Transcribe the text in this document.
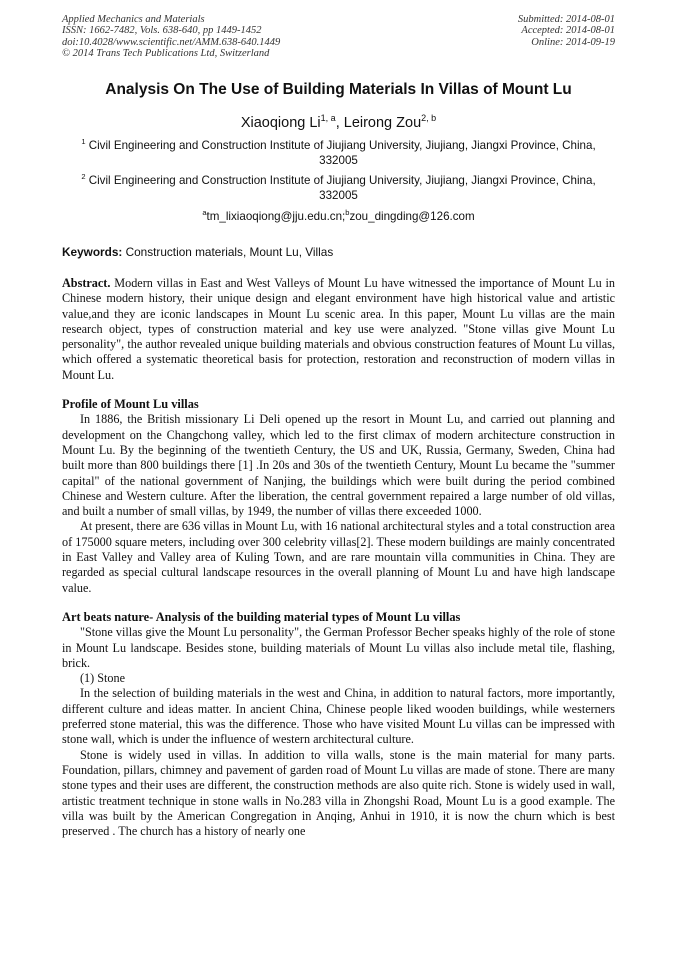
Applied Mechanics and Materials
ISSN: 1662-7482, Vols. 638-640, pp 1449-1452
doi:10.4028/www.scientific.net/AMM.638-640.1449
© 2014 Trans Tech Publications Ltd, Switzerland
Submitted: 2014-08-01
Accepted: 2014-08-01
Online: 2014-09-19
Analysis On The Use of Building Materials In Villas of Mount Lu
Xiaoqiong Li$^{1, a}$, Leirong Zou$^{2, b}$
$^1$ Civil Engineering and Construction Institute of Jiujiang University, Jiujiang, Jiangxi Province, China, 332005
$^2$ Civil Engineering and Construction Institute of Jiujiang University, Jiujiang, Jiangxi Province, China, 332005
$^a$tm_lixiaoqiong@jju.edu.cn;$^b$zou_dingding@126.com
Keywords: Construction materials, Mount Lu, Villas

Abstract. Modern villas in East and West Valleys of Mount Lu have witnessed the importance of Mount Lu in Chinese modern history, their unique design and elegant environment have high historical value and artistic value,and they are iconic landscapes in Mount Lu scenic area. In this paper, Mount Lu villas are the main research object, types of construction material and key use were analyzed. "Stone villas give Mount Lu personality", the author revealed unique building materials and obvious construction features of Mount Lu villas, which offered a systematic theoretical basis for protection, restoration and reconstruction of modern villas in Mount Lu.

Profile of Mount Lu villas

In 1886, the British missionary Li Deli opened up the resort in Mount Lu, and carried out planning and development on the Changchong valley, which led to the first climax of modern architecture construction in Mount Lu. By the beginning of the twentieth Century, the US and UK, Russia, Germany, Sweden, China had built more than 800 buildings there [1] .In 20s and 30s of the twentieth Century, Mount Lu became the "summer capital" of the national government of Nanjing, the buildings which were built during the period combined Chinese and Western culture. After the liberation, the central government repaired a large number of old villas, and built a number of small villas, by 1949, the number of villas there exceeded 1000.

At present, there are 636 villas in Mount Lu, with 16 national architectural styles and a total construction area of 175000 square meters, including over 300 celebrity villas[2]. These modern buildings are mainly concentrated in East Valley and Valley area of Kuling Town, and are rare mountain villa communities in China. They are regarded as special cultural landscape resources in the overall planning of Mount Lu and have high landscape value.

Art beats nature- Analysis of the building material types of Mount Lu villas

"Stone villas give the Mount Lu personality", the German Professor Becher speaks highly of the role of stone in Mount Lu landscape. Besides stone, building materials of Mount Lu villas also include metal tile, flashing, brick.

(1) Stone

In the selection of building materials in the west and China, in addition to natural factors, more importantly, different culture and ideas matter. In ancient China, Chinese people liked wooden buildings, while westerners preferred stone material, this was the difference. Those who have visited Mount Lu villas can be impressed with stone wall, which is under the influence of western architectural culture.

Stone is widely used in villas. In addition to villa walls, stone is the main material for many parts. Foundation, pillars, chimney and pavement of garden road of Mount Lu villas are made of stone. There are many stone types and their uses are different, the construction methods are also quite rich. Stone is widely used in wall, artistic treatment technique in stone walls in No.283 villa in Zhongshi Road, Mount Lu is a good example. The villa was built by the American Congregation in Anqing, Anhui in 1910, it is now the churn which is best preserved . The church has a history of nearly one
